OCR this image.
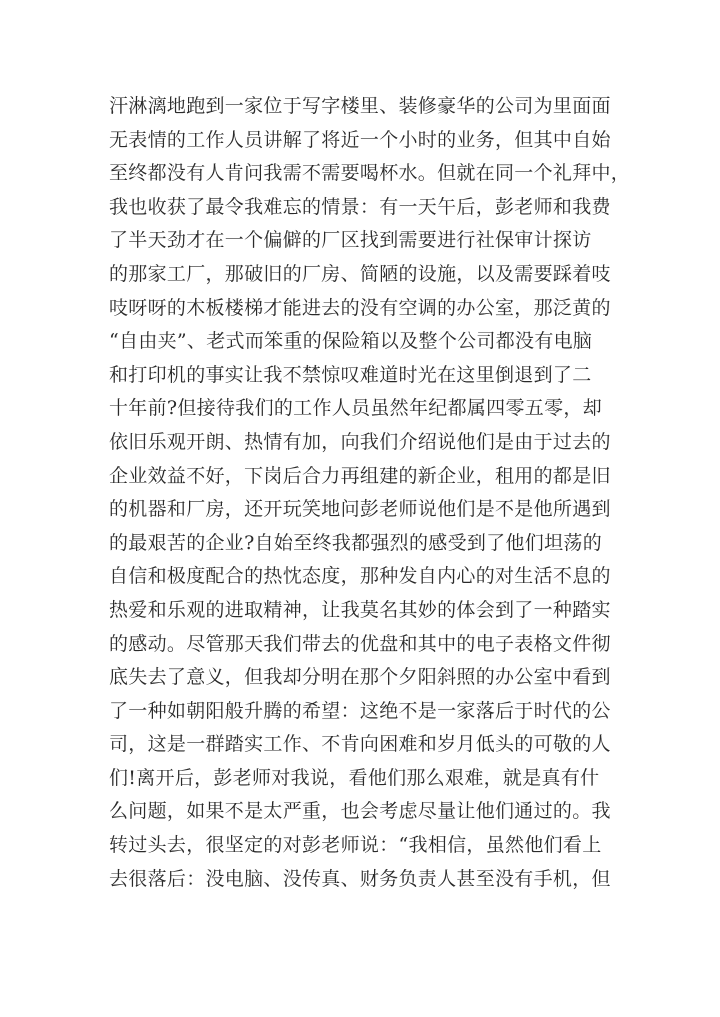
汗淋漓地跑到一家位于写字楼里、装修豪华的公司为里面面
无表情的工作人员讲解了将近一个小时的业务，但其中自始
至终都没有人肯问我需不需要喝杯水。但就在同一个礼拜中，
我也收获了最令我难忘的情景：有一天午后，彭老师和我费
了半天劲才在一个偏僻的厂区找到需要进行社保审计探访
的那家工厂，那破旧的厂房、简陋的设施，以及需要踩着吱
吱呀呀的木板楼梯才能进去的没有空调的办公室，那泛黄的
“自由夹”、老式而笨重的保险箱以及整个公司都没有电脑
和打印机的事实让我不禁惊叹难道时光在这里倒退到了二
十年前?但接待我们的工作人员虽然年纪都属四零五零，却
依旧乐观开朗、热情有加，向我们介绍说他们是由于过去的
企业效益不好，下岗后合力再组建的新企业，租用的都是旧
的机器和厂房，还开玩笑地问彭老师说他们是不是他所遇到
的最艰苦的企业?自始至终我都强烈的感受到了他们坦荡的
自信和极度配合的热忱态度，那种发自内心的对生活不息的
热爱和乐观的进取精神，让我莫名其妙的体会到了一种踏实
的感动。尽管那天我们带去的优盘和其中的电子表格文件彻
底失去了意义，但我却分明在那个夕阳斜照的办公室中看到
了一种如朝阳般升腾的希望：这绝不是一家落后于时代的公
司，这是一群踏实工作、不肯向困难和岁月低头的可敬的人
们!离开后，彭老师对我说，看他们那么艰难，就是真有什
么问题，如果不是太严重，也会考虑尽量让他们通过的。我
转过头去，很坚定的对彭老师说：“我相信，虽然他们看上
去很落后：没电脑、没传真、财务负责人甚至没有手机，但
